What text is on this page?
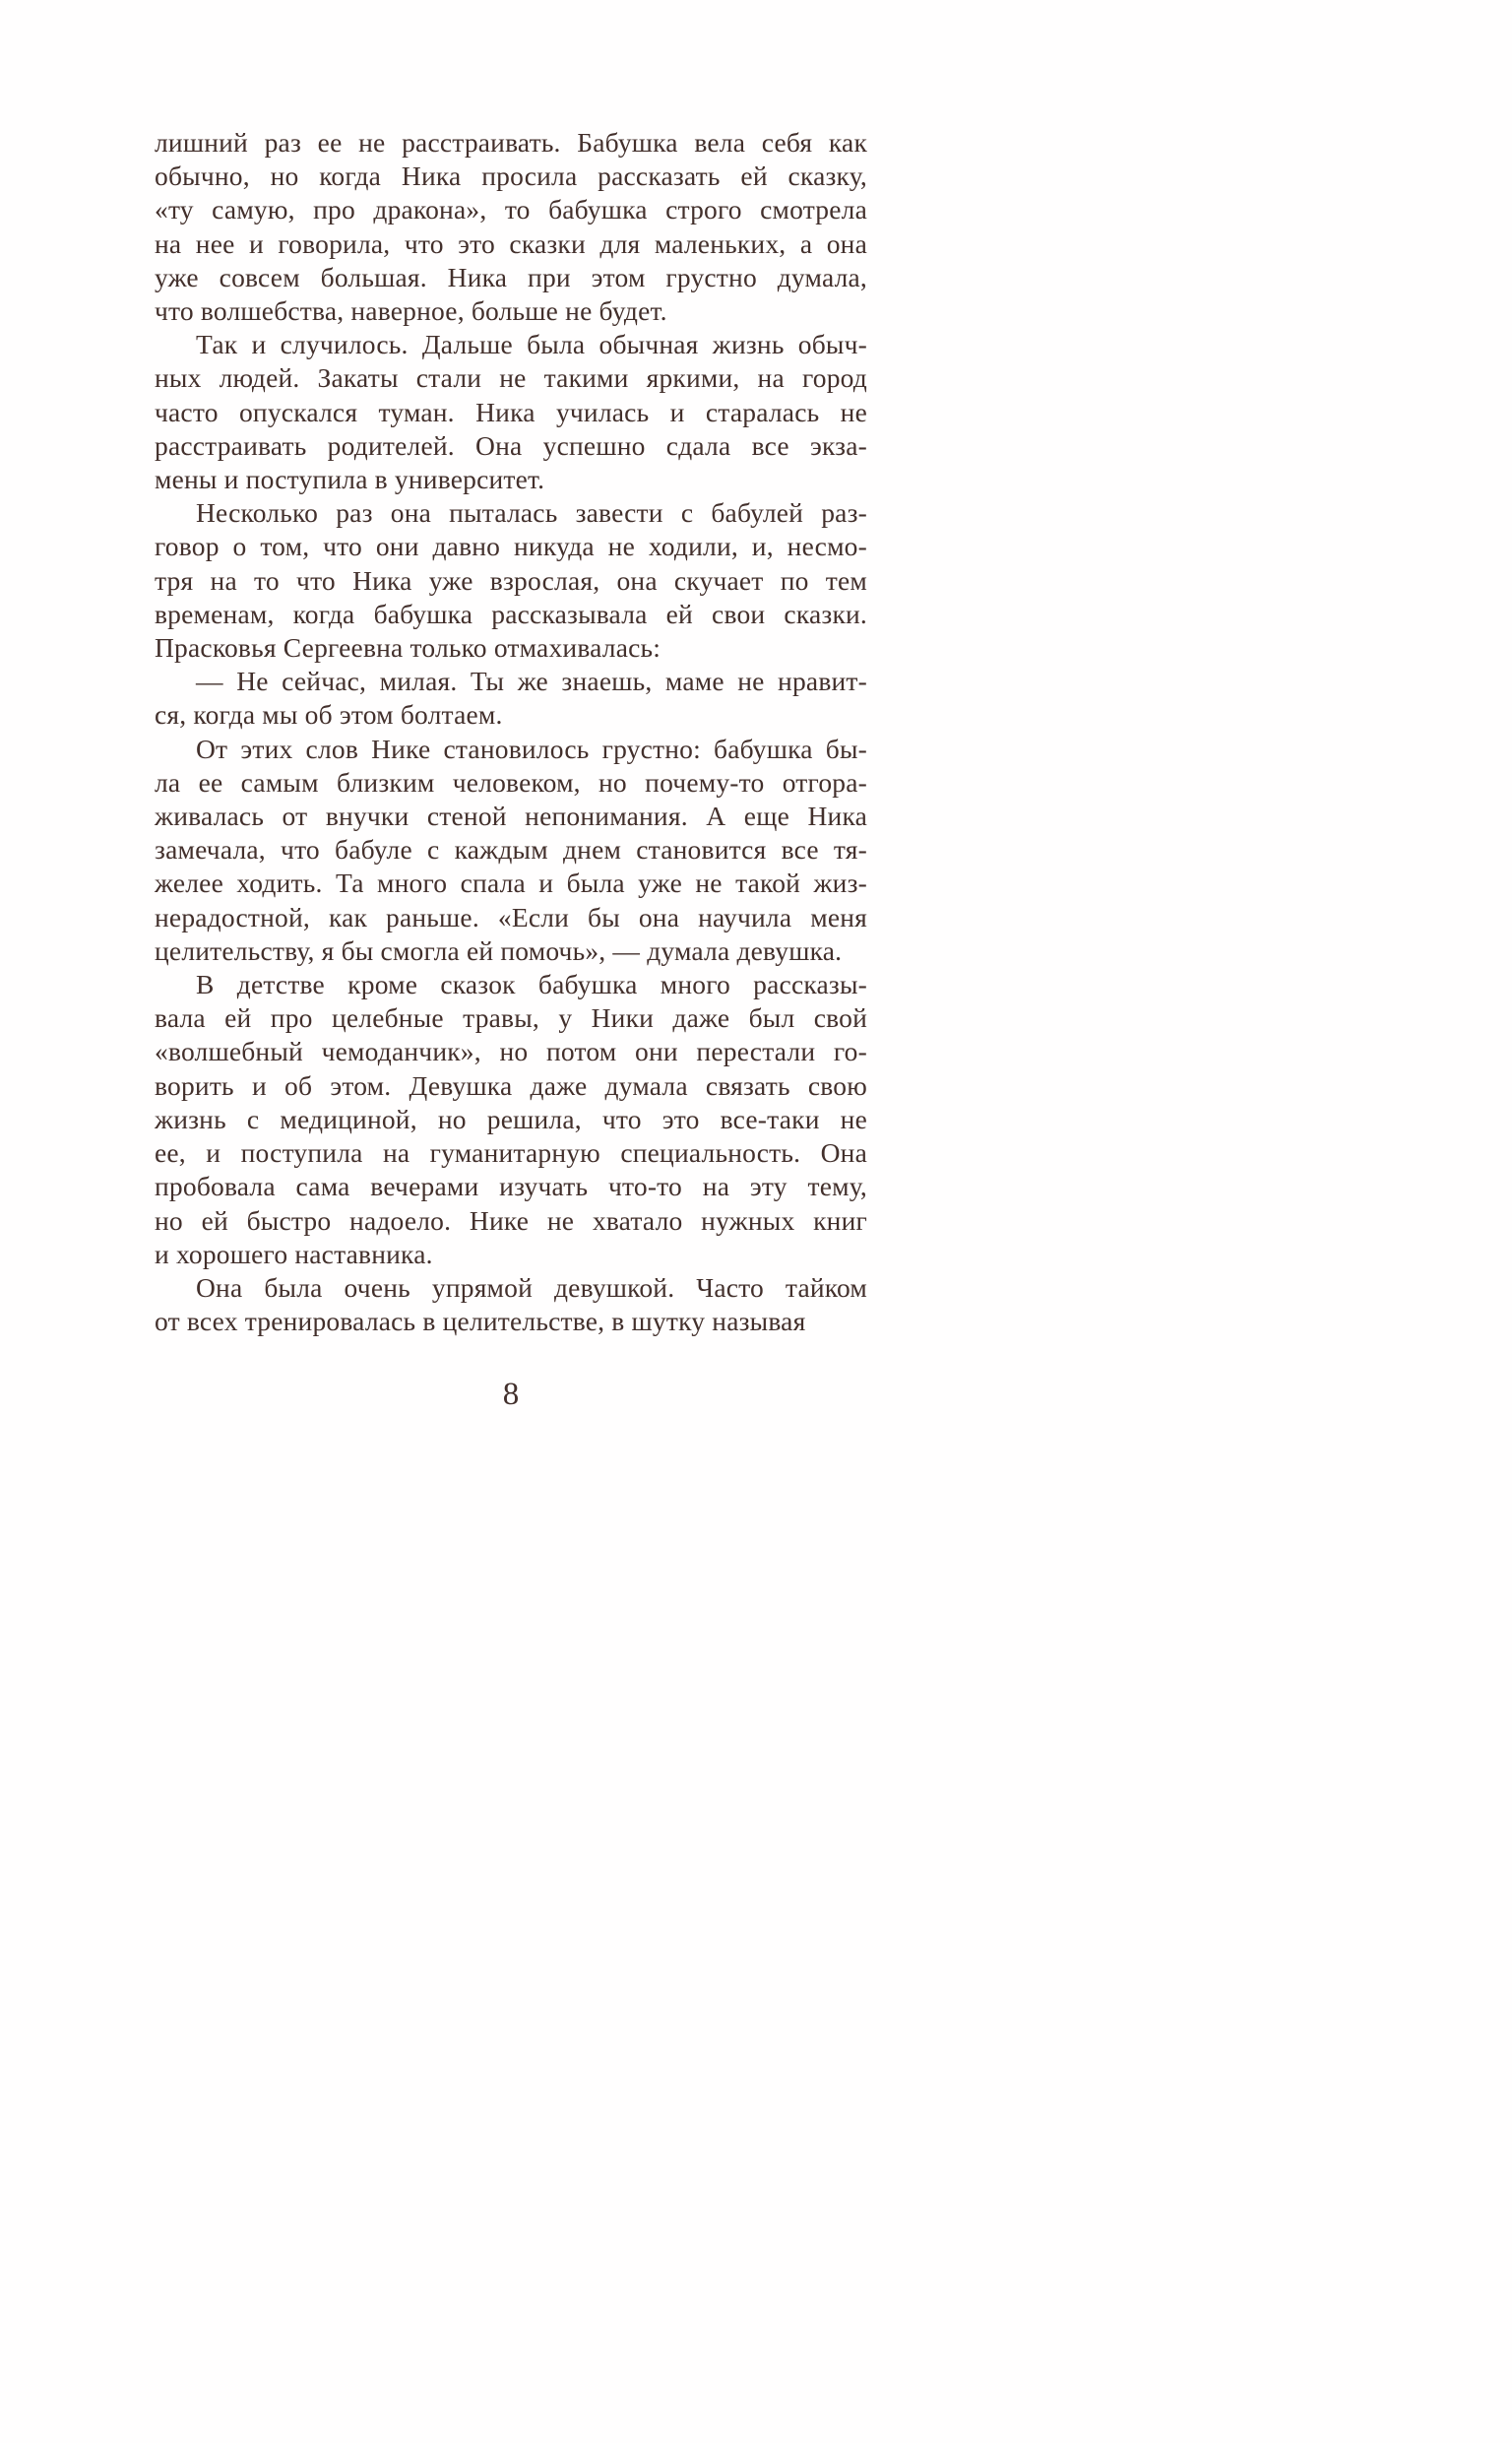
лишний раз ее не расстраивать. Бабушка вела себя как
обычно, но когда Ника просила рассказать ей сказку,
«ту самую, про дракона», то бабушка строго смотрела
на нее и говорила, что это сказки для маленьких, а она
уже совсем большая. Ника при этом грустно думала,
что волшебства, наверное, больше не будет.

Так и случилось. Дальше была обычная жизнь обыч-
ных людей. Закаты стали не такими яркими, на город
часто опускался туман. Ника училась и старалась не
расстраивать родителей. Она успешно сдала все экза-
мены и поступила в университет.

Несколько раз она пыталась завести с бабулей раз-
говор о том, что они давно никуда не ходили, и, несмо-
тря на то что Ника уже взрослая, она скучает по тем
временам, когда бабушка рассказывала ей свои сказки.
Прасковья Сергеевна только отмахивалась:

— Не сейчас, милая. Ты же знаешь, маме не нравит-
ся, когда мы об этом болтаем.

От этих слов Нике становилось грустно: бабушка бы-
ла ее самым близким человеком, но почему-то отгора-
живалась от внучки стеной непонимания. А еще Ника
замечала, что бабуле с каждым днем становится все тя-
желее ходить. Та много спала и была уже не такой жиз-
нерадостной, как раньше. «Если бы она научила меня
целительству, я бы смогла ей помочь», — думала девушка.

В детстве кроме сказок бабушка много рассказы-
вала ей про целебные травы, у Ники даже был свой
«волшебный чемоданчик», но потом они перестали го-
ворить и об этом. Девушка даже думала связать свою
жизнь с медициной, но решила, что это все-таки не
ее, и поступила на гуманитарную специальность. Она
пробовала сама вечерами изучать что-то на эту тему,
но ей быстро надоело. Нике не хватало нужных книг
и хорошего наставника.

Она была очень упрямой девушкой. Часто тайком
от всех тренировалась в целительстве, в шутку называя

8
